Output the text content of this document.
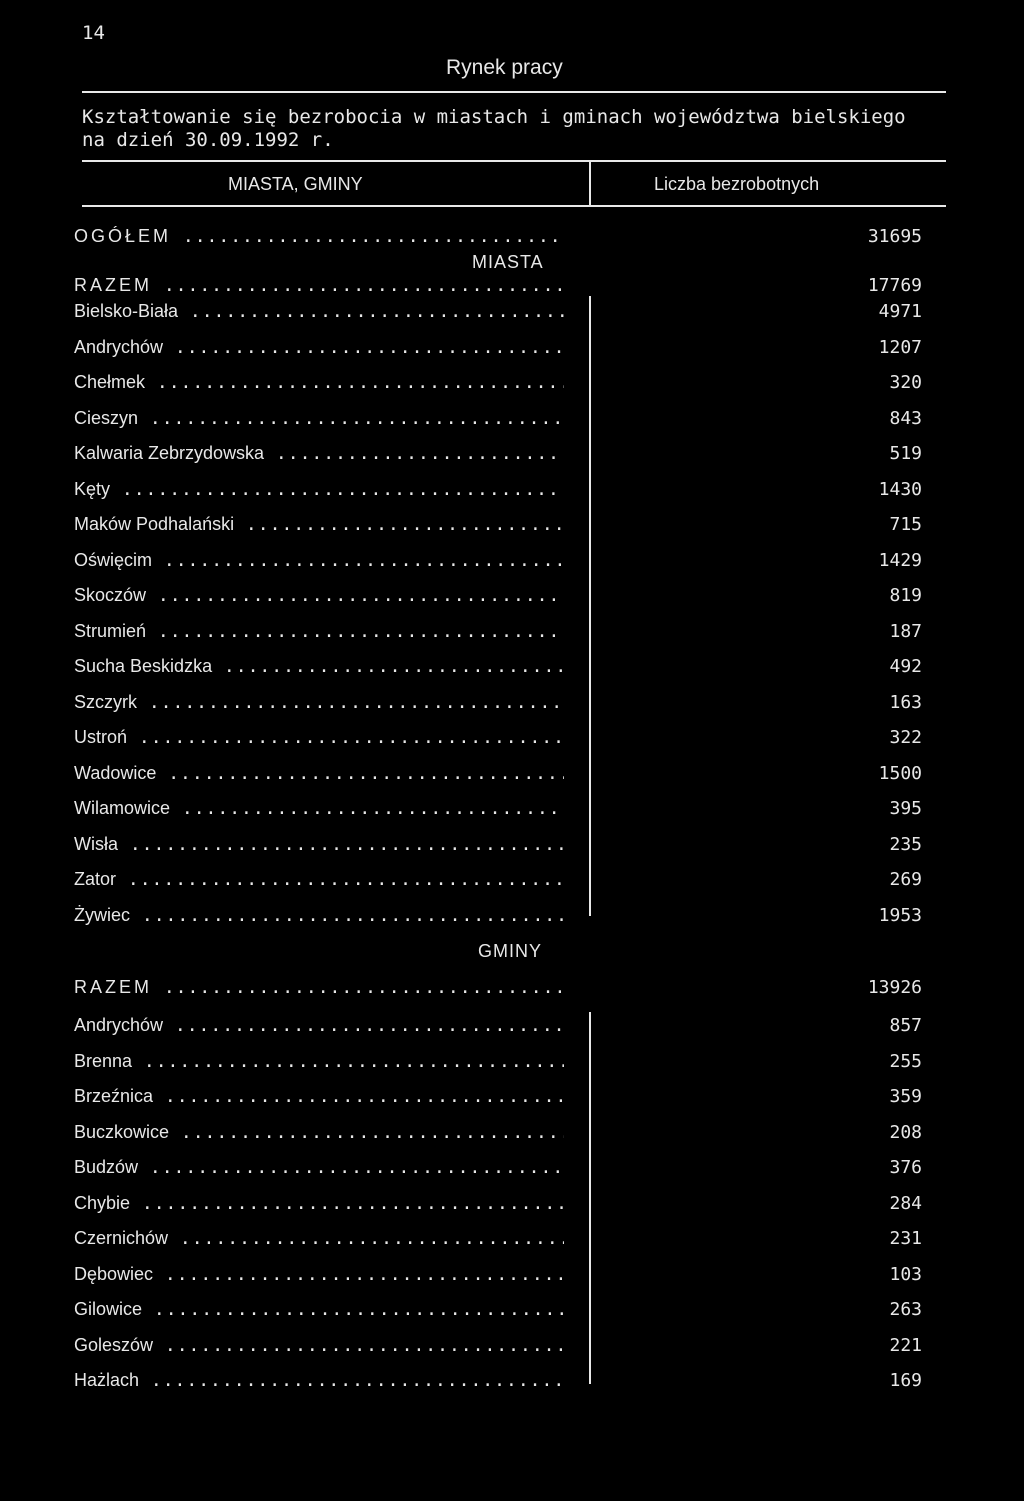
14
Rynek pracy
Kształtowanie się bezrobocia w miastach i gminach województwa bielskiego na dzień 30.09.1992 r.
MIASTA, GMINY	Liczba bezrobotnych
OGÓŁEM .....	31695
MIASTA
RAZEM .....	17769
Bielsko-Biała .....	4971
Andrychów .....	1207
Chełmek .....	320
Cieszyn .....	843
Kalwaria Zebrzydowska .....	519
Kęty .....	1430
Maków Podhalański .....	715
Oświęcim .....	1429
Skoczów .....	819
Strumień .....	187
Sucha Beskidzka .....	492
Szczyrk .....	163
Ustroń .....	322
Wadowice .....	1500
Wilamowice .....	395
Wisła .....	235
Zator .....	269
Żywiec .....	1953
GMINY
RAZEM .....	13926
Andrychów .....	857
Brenna .....	255
Brzeźnica .....	359
Buczkowice .....	208
Budzów .....	376
Chybie .....	284
Czernichów .....	231
Dębowiec .....	103
Gilowice .....	263
Goleszów .....	221
Hażlach .....	169
